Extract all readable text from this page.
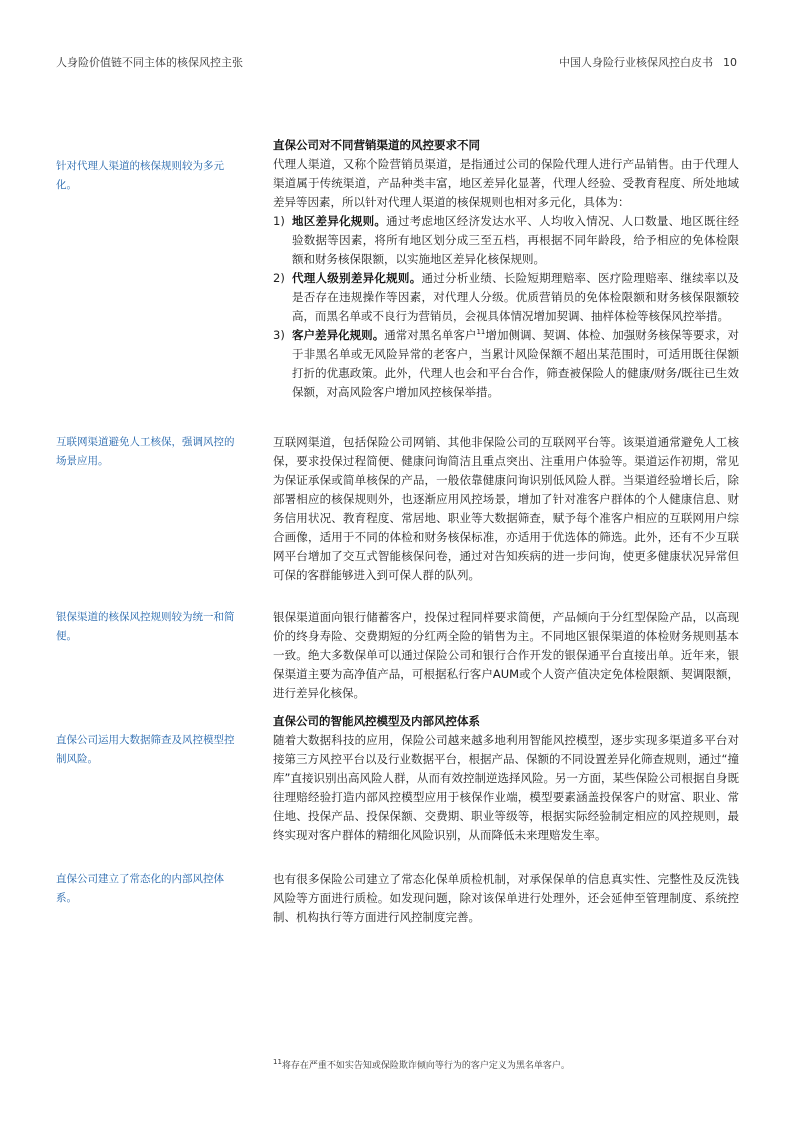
人身险价值链不同主体的核保风控主张	中国人身险行业核保风控白皮书 10
针对代理人渠道的核保规则较为多元化。
互联网渠道避免人工核保，强调风控的场景应用。
银保渠道的核保风控规则较为统一和简便。
直保公司运用大数据筛查及风控模型控制风险。
直保公司建立了常态化的内部风控体系。
直保公司对不同营销渠道的风控要求不同
代理人渠道，又称个险营销员渠道，是指通过公司的保险代理人进行产品销售。由于代理人渠道属于传统渠道，产品种类丰富，地区差异化显著，代理人经验、受教育程度、所处地域差异等因素，所以针对代理人渠道的核保规则也相对多元化，具体为：
1) 地区差异化规则。通过考虑地区经济发达水平、人均收入情况、人口数量、地区既往经验数据等因素，将所有地区划分成三至五档，再根据不同年龄段，给予相应的免体检限额和财务核保限额，以实施地区差异化核保规则。
2) 代理人级别差异化规则。通过分析业绩、长险短期理赔率、医疗险理赔率、继续率以及是否存在违规操作等因素，对代理人分级。优质营销员的免体检限额和财务核保限额较高，而黑名单或不良行为营销员，会视具体情况增加契调、抽样体检等核保风控举措。
3) 客户差异化规则。通常对黑名单客户$^{11}$增加侧调、契调、体检、加强财务核保等要求，对于非黑名单或无风险异常的老客户，当累计风险保额不超出某范围时，可适用既往保额打折的优惠政策。此外，代理人也会和平台合作，筛查被保险人的健康/财务/既往已生效保额，对高风险客户增加风控核保举措。
互联网渠道，包括保险公司网销、其他非保险公司的互联网平台等。该渠道通常避免人工核保，要求投保过程简便、健康问询简洁且重点突出、注重用户体验等。渠道运作初期，常见为保证承保或简单核保的产品，一般依靠健康问询识别低风险人群。当渠道经验增长后，除部署相应的核保规则外，也逐渐应用风控场景，增加了针对准客户群体的个人健康信息、财务信用状况、教育程度、常居地、职业等大数据筛查，赋予每个准客户相应的互联网用户综合画像，适用于不同的体检和财务核保标准，亦适用于优选体的筛选。此外，还有不少互联网平台增加了交互式智能核保问卷，通过对告知疾病的进一步问询，使更多健康状况异常但可保的客群能够进入到可保人群的队列。
银保渠道面向银行储蓄客户，投保过程同样要求简便，产品倾向于分红型保险产品，以高现价的终身寿险、交费期短的分红两全险的销售为主。不同地区银保渠道的体检财务规则基本一致。绝大多数保单可以通过保险公司和银行合作开发的银保通平台直接出单。近年来，银保渠道主要为高净值产品，可根据私行客户AUM或个人资产值决定免体检限额、契调限额，进行差异化核保。
直保公司的智能风控模型及内部风控体系
随着大数据科技的应用，保险公司越来越多地利用智能风控模型，逐步实现多渠道多平台对接第三方风控平台以及行业数据平台，根据产品、保额的不同设置差异化筛查规则，通过“撞库”直接识别出高风险人群，从而有效控制逆选择风险。另一方面，某些保险公司根据自身既往理赔经验打造内部风控模型应用于核保作业端，模型要素涵盖投保客户的财富、职业、常住地、投保产品、投保保额、交费期、职业等级等，根据实际经验制定相应的风控规则，最终实现对客户群体的精细化风险识别，从而降低未来理赔发生率。
也有很多保险公司建立了常态化保单质检机制，对承保保单的信息真实性、完整性及反洗钱风险等方面进行质检。如发现问题，除对该保单进行处理外，还会延伸至管理制度、系统控制、机构执行等方面进行风控制度完善。
$^{11}$将存在严重不如实告知或保险欺诈倾向等行为的客户定义为黑名单客户。
